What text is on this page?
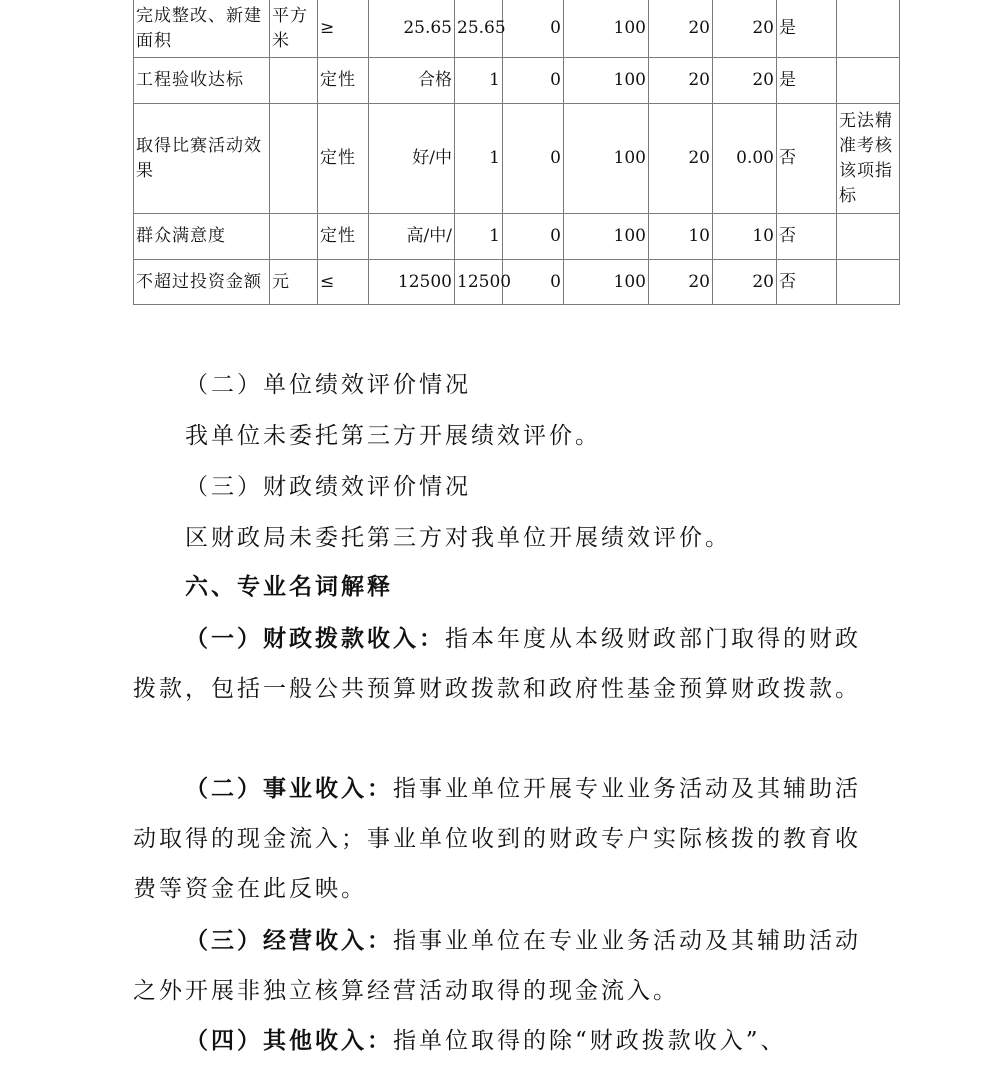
完成整改、新建面积	平方米	≥	25.65	25.65	0	100	20	20	是	
工程验收达标		定性	合格	1	0	100	20	20	是	
取得比赛活动效果		定性	好/中	1	0	100	20	0.00	否	无法精准考核该项指标
群众满意度		定性	高/中/	1	0	100	10	10	否	
不超过投资金额	元	≤	12500	12500	0	100	20	20	否	

（二）单位绩效评价情况

我单位未委托第三方开展绩效评价。

（三）财政绩效评价情况

区财政局未委托第三方对我单位开展绩效评价。

六、专业名词解释

（一）财政拨款收入：指本年度从本级财政部门取得的财政拨款，包括一般公共预算财政拨款和政府性基金预算财政拨款。

（二）事业收入：指事业单位开展专业业务活动及其辅助活动取得的现金流入；事业单位收到的财政专户实际核拨的教育收费等资金在此反映。

（三）经营收入：指事业单位在专业业务活动及其辅助活动之外开展非独立核算经营活动取得的现金流入。

（四）其他收入：指单位取得的除“财政拨款收入”、
